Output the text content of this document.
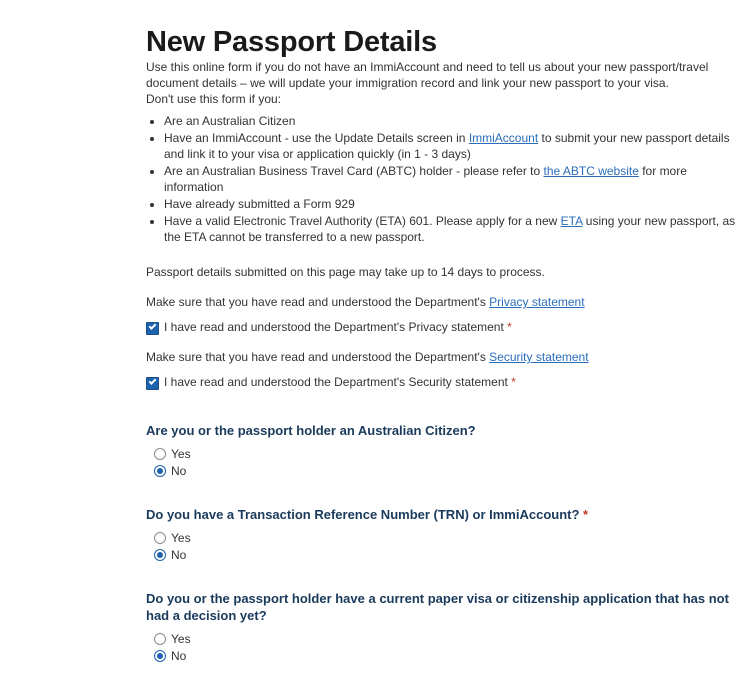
New Passport Details

Use this online form if you do not have an ImmiAccount and need to tell us about your new passport/travel document details – we will update your immigration record and link your new passport to your visa.

Don't use this form if you:

• Are an Australian Citizen
• Have an ImmiAccount - use the Update Details screen in ImmiAccount to submit your new passport details and link it to your visa or application quickly (in 1 - 3 days)
• Are an Australian Business Travel Card (ABTC) holder - please refer to the ABTC website for more information
• Have already submitted a Form 929
• Have a valid Electronic Travel Authority (ETA) 601. Please apply for a new ETA using your new passport, as the ETA cannot be transferred to a new passport.
Passport details submitted on this page may take up to 14 days to process.
Make sure that you have read and understood the Department's Privacy statement
I have read and understood the Department's Privacy statement *
Make sure that you have read and understood the Department's Security statement
I have read and understood the Department's Security statement *
Are you or the passport holder an Australian Citizen?
Yes
No
Do you have a Transaction Reference Number (TRN) or ImmiAccount? *
Yes
No
Do you or the passport holder have a current paper visa or citizenship application that has not had a decision yet?
Yes
No
